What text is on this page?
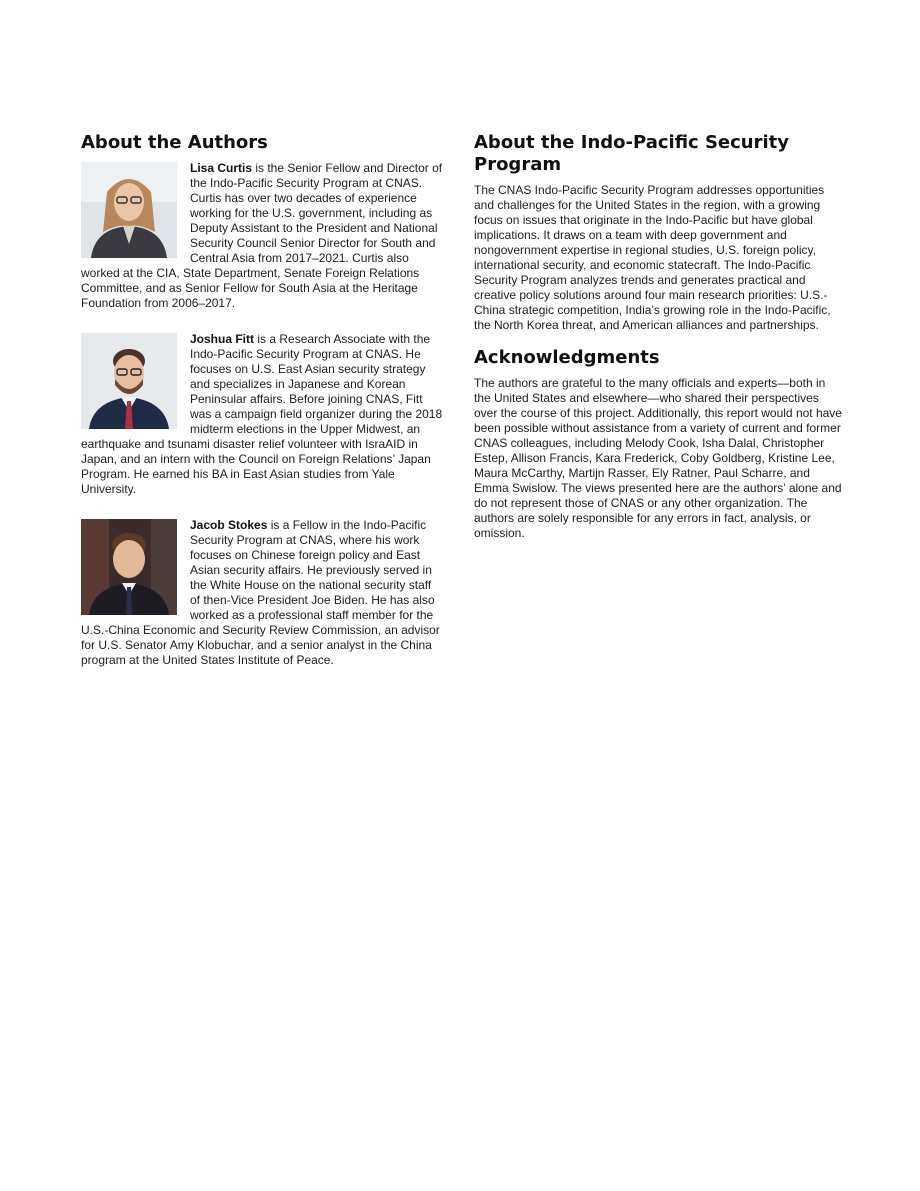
About the Authors

Lisa Curtis is the Senior Fellow and Director of the Indo-Pacific Security Program at CNAS. Curtis has over two decades of experience working for the U.S. government, including as Deputy Assistant to the President and National Security Council Senior Director for South and Central Asia from 2017–2021. Curtis also worked at the CIA, State Department, Senate Foreign Relations Committee, and as Senior Fellow for South Asia at the Heritage Foundation from 2006–2017.

Joshua Fitt is a Research Associate with the Indo-Pacific Security Program at CNAS. He focuses on U.S. East Asian security strategy and specializes in Japanese and Korean Peninsular affairs. Before joining CNAS, Fitt was a campaign field organizer during the 2018 midterm elections in the Upper Midwest, an earthquake and tsunami disaster relief volunteer with IsraAID in Japan, and an intern with the Council on Foreign Relations’ Japan Program. He earned his BA in East Asian studies from Yale University.

Jacob Stokes is a Fellow in the Indo-Pacific Security Program at CNAS, where his work focuses on Chinese foreign policy and East Asian security affairs. He previously served in the White House on the national security staff of then-Vice President Joe Biden. He has also worked as a professional staff member for the U.S.-China Economic and Security Review Commission, an advisor for U.S. Senator Amy Klobuchar, and a senior analyst in the China program at the United States Institute of Peace.

About the Indo-Pacific Security Program

The CNAS Indo-Pacific Security Program addresses opportunities and challenges for the United States in the region, with a growing focus on issues that originate in the Indo-Pacific but have global implications. It draws on a team with deep government and nongovernment expertise in regional studies, U.S. foreign policy, international security, and economic statecraft. The Indo-Pacific Security Program analyzes trends and generates practical and creative policy solutions around four main research priorities: U.S.-China strategic competition, India’s growing role in the Indo-Pacific, the North Korea threat, and American alliances and partnerships.

Acknowledgments

The authors are grateful to the many officials and experts—both in the United States and elsewhere—who shared their perspectives over the course of this project. Additionally, this report would not have been possible without assistance from a variety of current and former CNAS colleagues, including Melody Cook, Isha Dalal, Christopher Estep, Allison Francis, Kara Frederick, Coby Goldberg, Kristine Lee, Maura McCarthy, Martijn Rasser, Ely Ratner, Paul Scharre, and Emma Swislow. The views presented here are the authors’ alone and do not represent those of CNAS or any other organization. The authors are solely responsible for any errors in fact, analysis, or omission.
